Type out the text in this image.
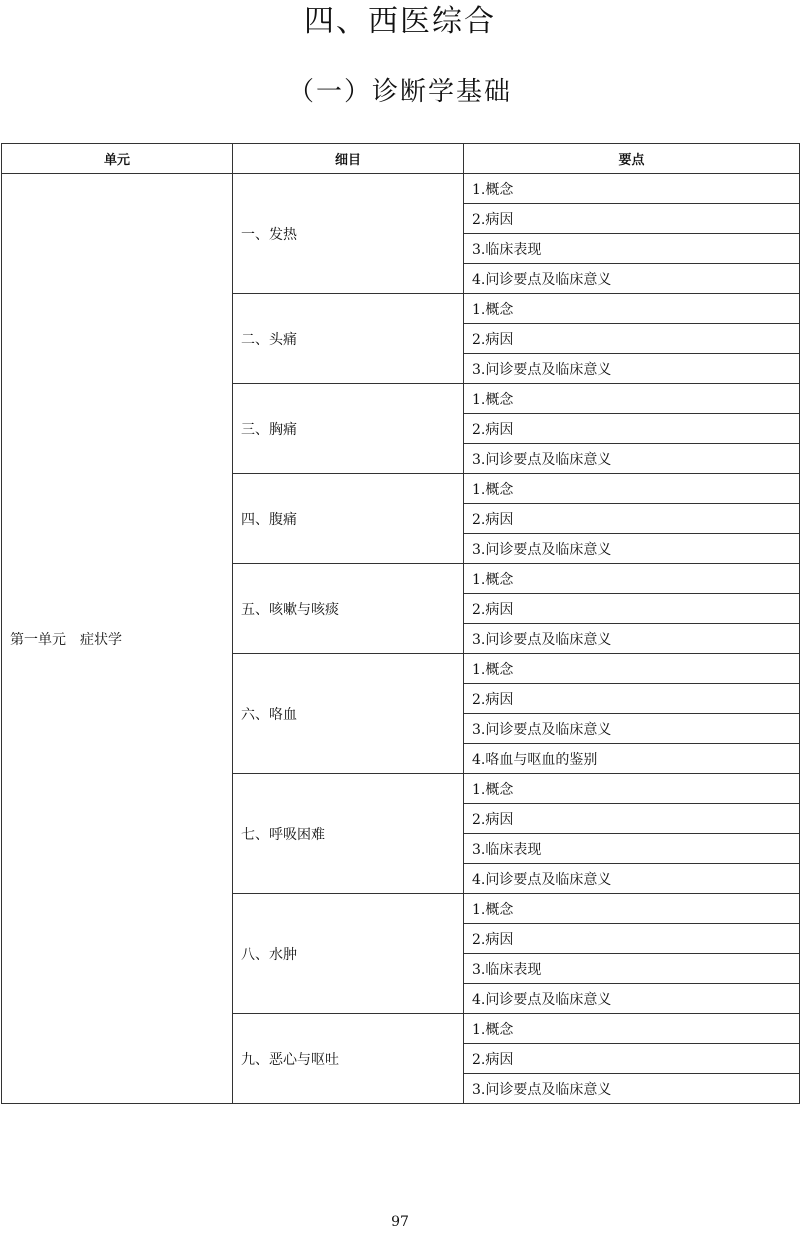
四、西医综合
（一）诊断学基础
单元	细目	要点
第一单元　症状学	一、发热	1.概念
		2.病因
		3.临床表现
		4.问诊要点及临床意义
	二、头痛	1.概念
		2.病因
		3.问诊要点及临床意义
	三、胸痛	1.概念
		2.病因
		3.问诊要点及临床意义
	四、腹痛	1.概念
		2.病因
		3.问诊要点及临床意义
	五、咳嗽与咳痰	1.概念
		2.病因
		3.问诊要点及临床意义
	六、咯血	1.概念
		2.病因
		3.问诊要点及临床意义
		4.咯血与呕血的鉴别
	七、呼吸困难	1.概念
		2.病因
		3.临床表现
		4.问诊要点及临床意义
	八、水肿	1.概念
		2.病因
		3.临床表现
		4.问诊要点及临床意义
	九、恶心与呕吐	1.概念
		2.病因
		3.问诊要点及临床意义
97
